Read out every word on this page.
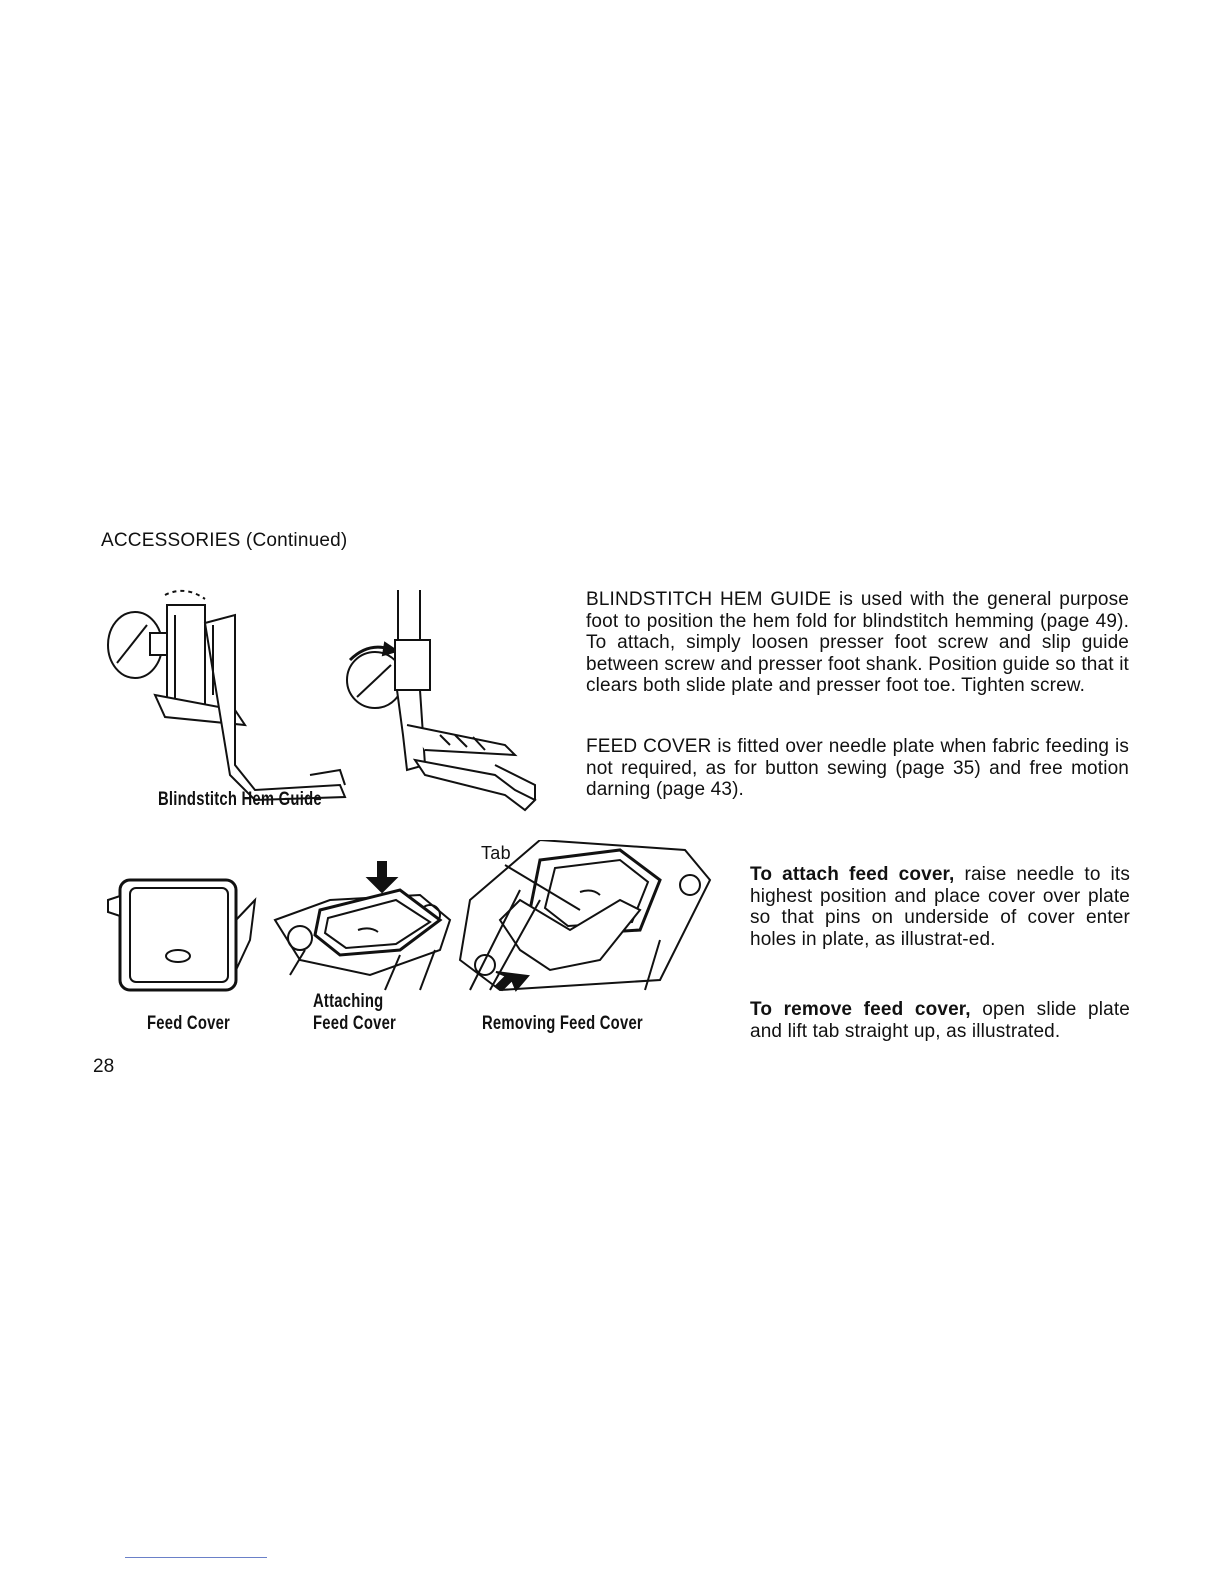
ACCESSORIES (Continued)
Blindstitch Hem Guide
BLINDSTITCH HEM GUIDE is used with the general purpose foot to position the hem fold for blindstitch hemming (page 49). To attach, simply loosen presser foot screw and slip guide between screw and presser foot shank. Position guide so that it clears both slide plate and presser foot toe. Tighten screw.
FEED COVER is fitted over needle plate when fabric feeding is not required, as for button sewing (page 35) and free motion darning (page 43).
Tab
Feed Cover
Attaching
Feed Cover	Removing Feed Cover
To attach feed cover, raise needle to its highest position and place cover over plate so that pins on underside of cover enter holes in plate, as illustrat-ed.
To remove feed cover, open slide plate and lift tab straight up, as illustrated.
28
